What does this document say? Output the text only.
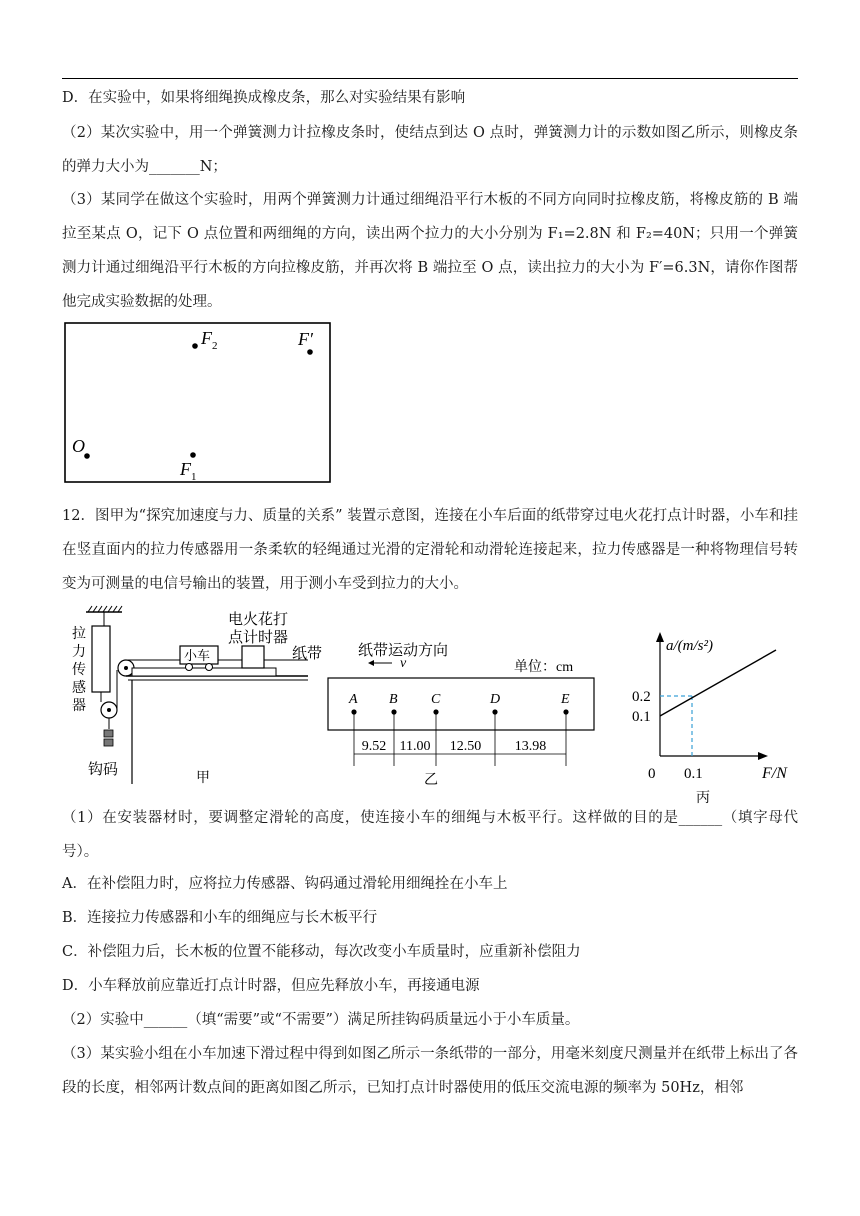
D．在实验中，如果将细绳换成橡皮条，那么对实验结果有影响
（2）某次实验中，用一个弹簧测力计拉橡皮条时，使结点到达 O 点时，弹簧测力计的示数如图乙所示，则橡皮条的弹力大小为_______N；
（3）某同学在做这个实验时，用两个弹簧测力计通过细绳沿平行木板的不同方向同时拉橡皮筋，将橡皮筋的 B 端拉至某点 O，记下 O 点位置和两细绳的方向，读出两个拉力的大小分别为 F₁=2.8N 和 F₂=40N；只用一个弹簧测力计通过细绳沿平行木板的方向拉橡皮筋，并再次将 B 端拉至 O 点，读出拉力的大小为 F′=6.3N，请你作图帮他完成实验数据的处理。
F 2	F′
O
F 1
12．图甲为“探究加速度与力、质量的关系” 装置示意图，连接在小车后面的纸带穿过电火花打点计时器，小车和挂在竖直面内的拉力传感器用一条柔软的轻绳通过光滑的定滑轮和动滑轮连接起来，拉力传感器是一种将物理信号转变为可测量的电信号输出的装置，用于测小车受到拉力的大小。
拉
力
传
感
器
电火花打
点计时器
小车	纸带
钩码
甲
纸带运动方向
v	单位：cm
A B C	D	E
9.52 11.00 12.50 13.98
乙
a/(m/s²)
F/N
0.2
0.1
0 0.1
丙
（1）在安装器材时，要调整定滑轮的高度，使连接小车的细绳与木板平行。这样做的目的是______（填字母代号）。
A．在补偿阻力时，应将拉力传感器、钩码通过滑轮用细绳拴在小车上
B．连接拉力传感器和小车的细绳应与长木板平行
C．补偿阻力后，长木板的位置不能移动，每次改变小车质量时，应重新补偿阻力
D．小车释放前应靠近打点计时器，但应先释放小车，再接通电源
（2）实验中______（填“需要”或“不需要”）满足所挂钩码质量远小于小车质量。
（3）某实验小组在小车加速下滑过程中得到如图乙所示一条纸带的一部分，用毫米刻度尺测量并在纸带上标出了各段的长度，相邻两计数点间的距离如图乙所示，已知打点计时器使用的低压交流电源的频率为 50Hz，相邻
